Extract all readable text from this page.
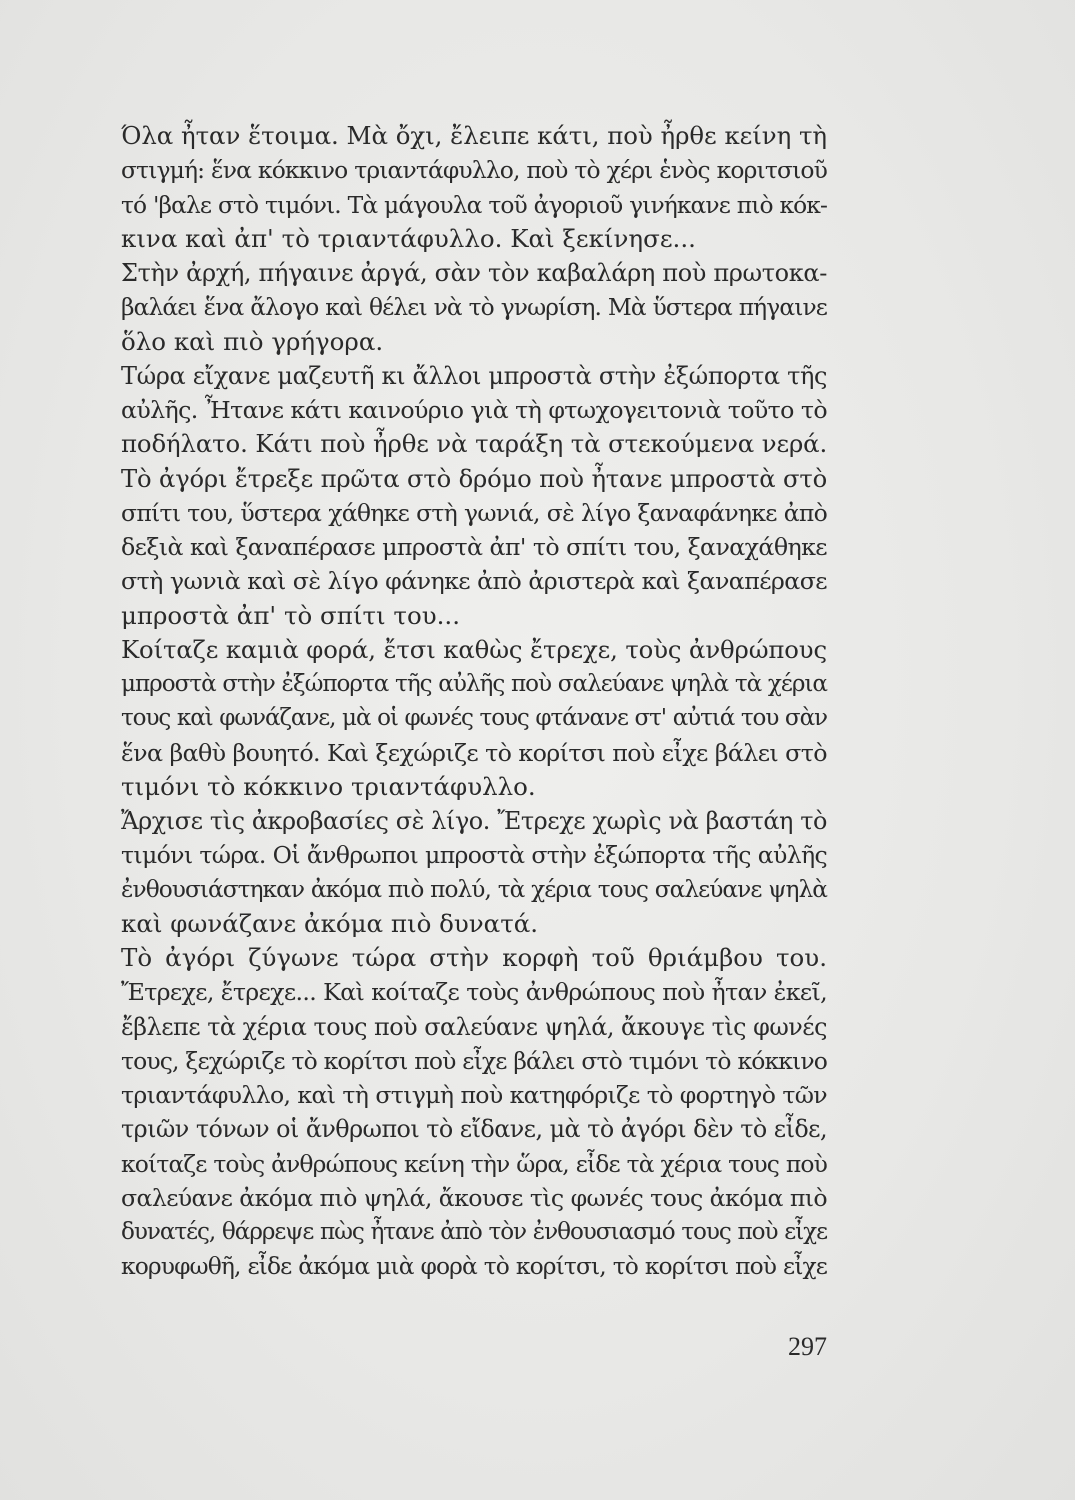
Όλα ἦταν ἕτοιμα. Μὰ ὄχι, ἔλειπε κάτι, ποὺ ἦρθε κείνη τὴ
στιγμή: ἕνα κόκκινο τριαντάφυλλο, ποὺ τὸ χέρι ἑνὸς κοριτσιοῦ
τό 'βαλε στὸ τιμόνι. Τὰ μάγουλα τοῦ ἀγοριοῦ γινήκανε πιὸ κόκ-
κινα καὶ ἀπ' τὸ τριαντάφυλλο. Καὶ ξεκίνησε...
Στὴν ἀρχή, πήγαινε ἀργά, σὰν τὸν καβαλάρη ποὺ πρωτοκα-
βαλάει ἕνα ἄλογο καὶ θέλει νὰ τὸ γνωρίση. Μὰ ὕστερα πήγαινε
ὅλο καὶ πιὸ γρήγορα.
Τώρα εἴχανε μαζευτῆ κι ἄλλοι μπροστὰ στὴν ἐξώπορτα τῆς
αὐλῆς. Ἦτανε κάτι καινούριο γιὰ τὴ φτωχογειτονιὰ τοῦτο τὸ
ποδήλατο. Κάτι ποὺ ἦρθε νὰ ταράξη τὰ στεκούμενα νερά.
Τὸ ἀγόρι ἔτρεξε πρῶτα στὸ δρόμο ποὺ ἦτανε μπροστὰ στὸ
σπίτι του, ὕστερα χάθηκε στὴ γωνιά, σὲ λίγο ξαναφάνηκε ἀπὸ
δεξιὰ καὶ ξαναπέρασε μπροστὰ ἀπ' τὸ σπίτι του, ξαναχάθηκε
στὴ γωνιὰ καὶ σὲ λίγο φάνηκε ἀπὸ ἀριστερὰ καὶ ξαναπέρασε
μπροστὰ ἀπ' τὸ σπίτι του...
Κοίταζε καμιὰ φορά, ἔτσι καθὼς ἔτρεχε, τοὺς ἀνθρώπους
μπροστὰ στὴν ἐξώπορτα τῆς αὐλῆς ποὺ σαλεύανε ψηλὰ τὰ χέρια
τους καὶ φωνάζανε, μὰ οἱ φωνές τους φτάνανε στ' αὐτιά του σὰν
ἕνα βαθὺ βουητό. Καὶ ξεχώριζε τὸ κορίτσι ποὺ εἶχε βάλει στὸ
τιμόνι τὸ κόκκινο τριαντάφυλλο.
Ἄρχισε τὶς ἀκροβασίες σὲ λίγο. Ἔτρεχε χωρὶς νὰ βαστάη τὸ
τιμόνι τώρα. Οἱ ἄνθρωποι μπροστὰ στὴν ἐξώπορτα τῆς αὐλῆς
ἐνθουσιάστηκαν ἀκόμα πιὸ πολύ, τὰ χέρια τους σαλεύανε ψηλὰ
καὶ φωνάζανε ἀκόμα πιὸ δυνατά.
Τὸ ἀγόρι ζύγωνε τώρα στὴν κορφὴ τοῦ θριάμβου του.
Ἔτρεχε, ἔτρεχε... Καὶ κοίταζε τοὺς ἀνθρώπους ποὺ ἦταν ἐκεῖ,
ἔβλεπε τὰ χέρια τους ποὺ σαλεύανε ψηλά, ἄκουγε τὶς φωνές
τους, ξεχώριζε τὸ κορίτσι ποὺ εἶχε βάλει στὸ τιμόνι τὸ κόκκινο
τριαντάφυλλο, καὶ τὴ στιγμὴ ποὺ κατηφόριζε τὸ φορτηγὸ τῶν
τριῶν τόνων οἱ ἄνθρωποι τὸ εἴδανε, μὰ τὸ ἀγόρι δὲν τὸ εἶδε,
κοίταζε τοὺς ἀνθρώπους κείνη τὴν ὥρα, εἶδε τὰ χέρια τους ποὺ
σαλεύανε ἀκόμα πιὸ ψηλά, ἄκουσε τὶς φωνές τους ἀκόμα πιὸ
δυνατές, θάρρεψε πὼς ἦτανε ἀπὸ τὸν ἐνθουσιασμό τους ποὺ εἶχε
κορυφωθῆ, εἶδε ἀκόμα μιὰ φορὰ τὸ κορίτσι, τὸ κορίτσι ποὺ εἶχε
297
